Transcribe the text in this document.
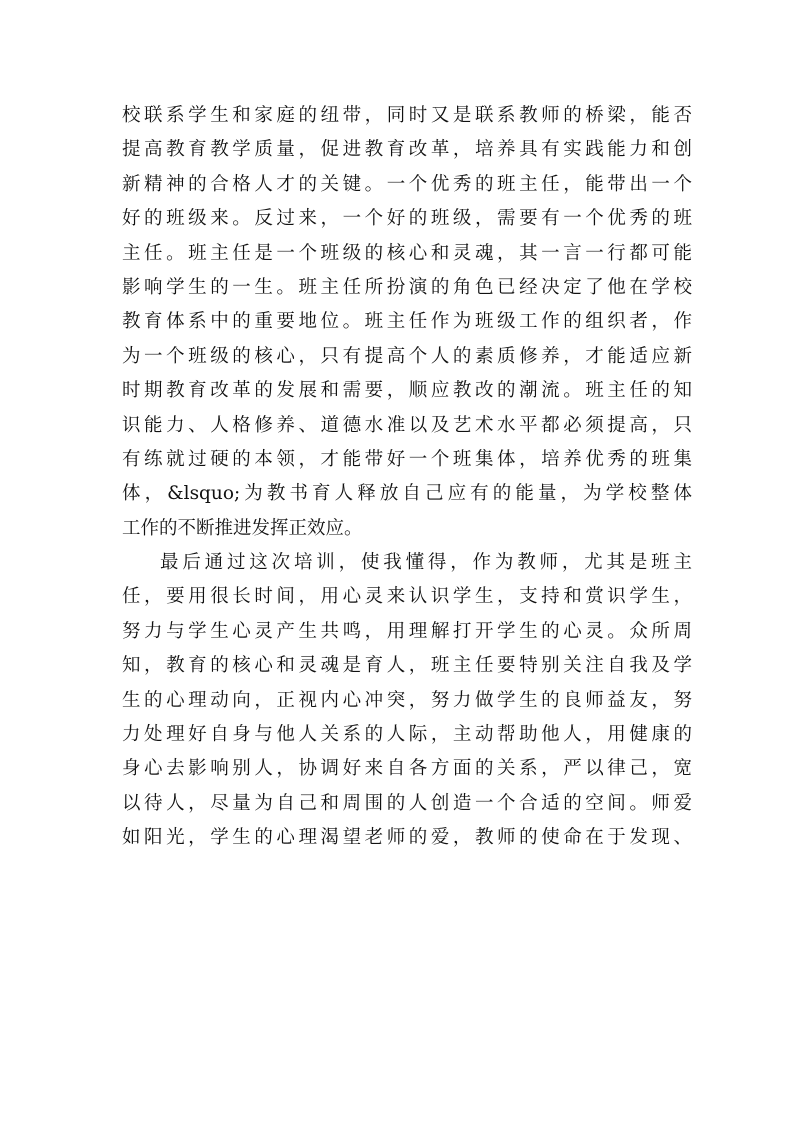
校联系学生和家庭的纽带，同时又是联系教师的桥梁，能否
提高教育教学质量，促进教育改革，培养具有实践能力和创
新精神的合格人才的关键。一个优秀的班主任，能带出一个
好的班级来。反过来，一个好的班级，需要有一个优秀的班
主任。班主任是一个班级的核心和灵魂，其一言一行都可能
影响学生的一生。班主任所扮演的角色已经决定了他在学校
教育体系中的重要地位。班主任作为班级工作的组织者，作
为一个班级的核心，只有提高个人的素质修养，才能适应新
时期教育改革的发展和需要，顺应教改的潮流。班主任的知
识能力、人格修养、道德水准以及艺术水平都必须提高，只
有练就过硬的本领，才能带好一个班集体，培养优秀的班集
体，&lsquo;为教书育人释放自己应有的能量，为学校整体
工作的不断推进发挥正效应。
最后通过这次培训，使我懂得，作为教师，尤其是班主
任，要用很长时间，用心灵来认识学生，支持和赏识学生，
努力与学生心灵产生共鸣，用理解打开学生的心灵。众所周
知，教育的核心和灵魂是育人，班主任要特别关注自我及学
生的心理动向，正视内心冲突，努力做学生的良师益友，努
力处理好自身与他人关系的人际，主动帮助他人，用健康的
身心去影响别人，协调好来自各方面的关系，严以律己，宽
以待人，尽量为自己和周围的人创造一个合适的空间。师爱
如阳光，学生的心理渴望老师的爱，教师的使命在于发现、
